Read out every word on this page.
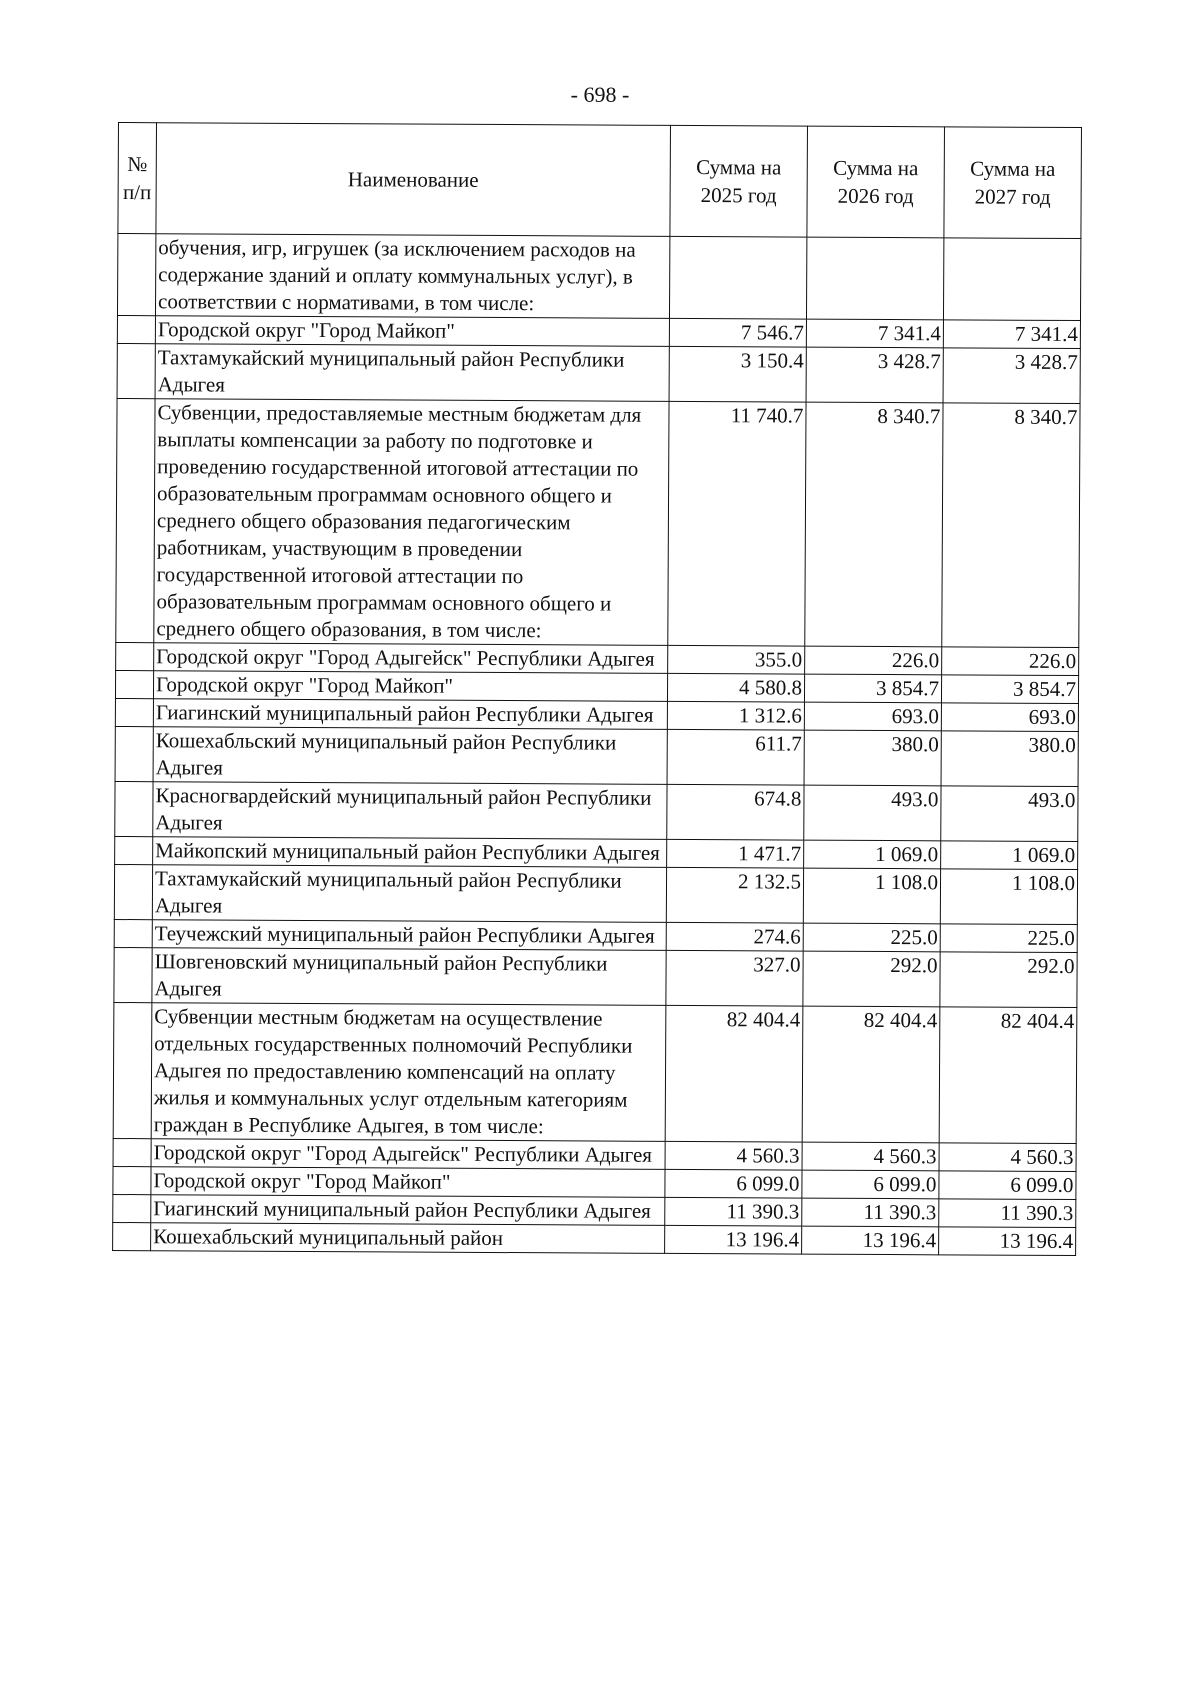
- 698 -
№ п/п	Наименование	Сумма на 2025 год	Сумма на 2026 год	Сумма на 2027 год
	обучения, игр, игрушек (за исключением расходов на содержание зданий и оплату коммунальных услуг), в соответствии с нормативами, в том числе:			
	Городской округ "Город Майкоп"	7 546.7	7 341.4	7 341.4
	Тахтамукайский муниципальный район Республики Адыгея	3 150.4	3 428.7	3 428.7
	Субвенции, предоставляемые местным бюджетам для выплаты компенсации за работу по подготовке и проведению государственной итоговой аттестации по образовательным программам основного общего и среднего общего образования педагогическим работникам, участвующим в проведении государственной итоговой аттестации по образовательным программам основного общего и среднего общего образования, в том числе:	11 740.7	8 340.7	8 340.7
	Городской округ "Город Адыгейск" Республики Адыгея	355.0	226.0	226.0
	Городской округ "Город Майкоп"	4 580.8	3 854.7	3 854.7
	Гиагинский муниципальный район Республики Адыгея	1 312.6	693.0	693.0
	Кошехабльский муниципальный район Республики Адыгея	611.7	380.0	380.0
	Красногвардейский муниципальный район Республики Адыгея	674.8	493.0	493.0
	Майкопский муниципальный район Республики Адыгея	1 471.7	1 069.0	1 069.0
	Тахтамукайский муниципальный район Республики Адыгея	2 132.5	1 108.0	1 108.0
	Теучежский муниципальный район Республики Адыгея	274.6	225.0	225.0
	Шовгеновский муниципальный район Республики Адыгея	327.0	292.0	292.0
	Субвенции местным бюджетам на осуществление отдельных государственных полномочий Республики Адыгея по предоставлению компенсаций на оплату жилья и коммунальных услуг отдельным категориям граждан в Республике Адыгея, в том числе:	82 404.4	82 404.4	82 404.4
	Городской округ "Город Адыгейск" Республики Адыгея	4 560.3	4 560.3	4 560.3
	Городской округ "Город Майкоп"	6 099.0	6 099.0	6 099.0
	Гиагинский муниципальный район Республики Адыгея	11 390.3	11 390.3	11 390.3
	Кошехабльский муниципальный район	13 196.4	13 196.4	13 196.4
